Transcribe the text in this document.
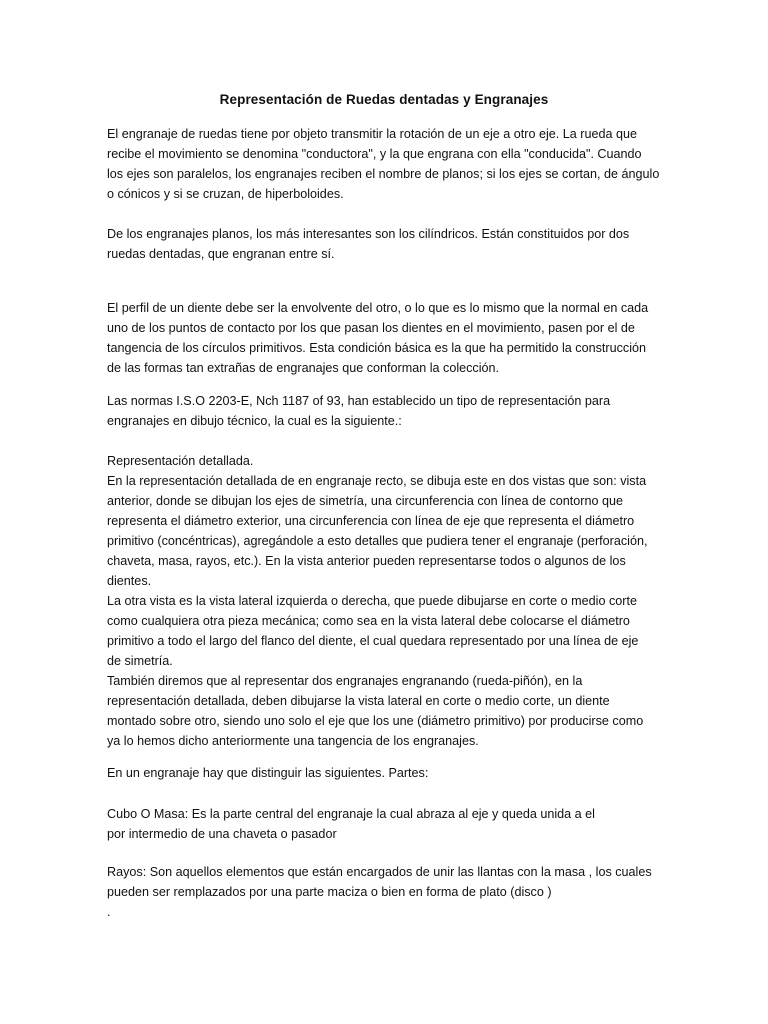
Representación de Ruedas dentadas y Engranajes
El engranaje de ruedas tiene por objeto transmitir la rotación de un eje a otro eje. La rueda que
recibe el movimiento se denomina "conductora", y la que engrana con ella "conducida". Cuando
los ejes son paralelos, los engranajes reciben el nombre de planos; si los ejes se cortan, de ángulo
o cónicos y si se cruzan, de hiperboloides.
De los engranajes planos, los más interesantes son los cilíndricos. Están constituidos por dos
ruedas dentadas, que engranan entre sí.
El perfil de un diente debe ser la envolvente del otro, o lo que es lo mismo que la normal en cada
uno de los puntos de contacto por los que pasan los dientes en el movimiento, pasen por el de
tangencia de los círculos primitivos. Esta condición básica es la que ha permitido la construcción
de las formas tan extrañas de engranajes que conforman la colección.
Las normas I.S.O 2203-E, Nch 1187 of 93, han establecido un tipo de representación para
engranajes en dibujo técnico, la cual es la siguiente.:
Representación detallada.
En la representación detallada de en engranaje recto, se dibuja este en dos vistas que son: vista
anterior, donde se dibujan los ejes de simetría, una circunferencia con línea de contorno que
representa el diámetro exterior, una circunferencia con línea de eje que representa el diámetro
primitivo (concéntricas), agregándole a esto detalles que pudiera tener el engranaje (perforación,
chaveta, masa, rayos, etc.). En la vista anterior pueden representarse todos o algunos de los
dientes.
La otra vista es la vista lateral izquierda o derecha, que puede dibujarse en corte o medio corte
como cualquiera otra pieza mecánica; como sea en la vista lateral debe colocarse el diámetro
primitivo a todo el largo del flanco del diente, el cual quedara representado por una línea de eje
de simetría.
También diremos que al representar dos engranajes engranando (rueda-piñón), en la
representación detallada, deben dibujarse la vista lateral en corte o medio corte, un diente
montado sobre otro, siendo uno solo el eje que los une (diámetro primitivo) por producirse como
ya lo hemos dicho anteriormente una tangencia de los engranajes.
En un engranaje hay que distinguir las siguientes. Partes:
Cubo O Masa: Es la parte central del engranaje la cual abraza al eje y queda unida a el
por intermedio de una chaveta o pasador
Rayos: Son aquellos elementos que están encargados de unir las llantas con la masa , los cuales
pueden ser remplazados por una parte maciza o bien en forma de plato (disco )
.
